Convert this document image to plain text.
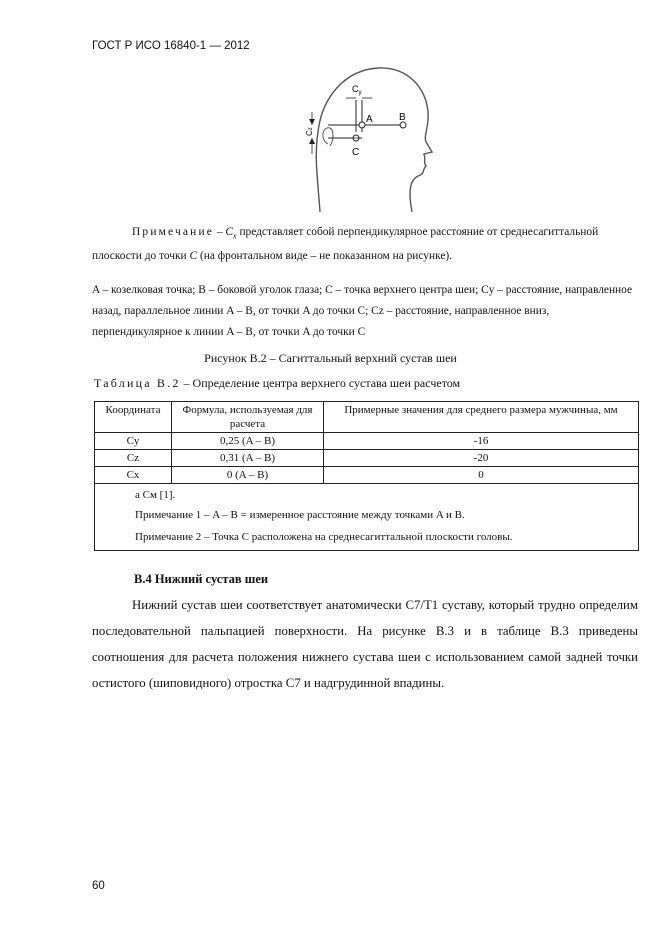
ГОСТ Р ИСО 16840-1 — 2012
$C_y$
Cz
A	B
C
Примечание – $C_x$ представляет собой перпендикулярное расстояние от среднесагиттальной плоскости до точки C (на фронтальном виде – не показанном на рисунке).
A – козелковая точка; B – боковой уголок глаза; C – точка верхнего центра шеи; Cy – расстояние, направленное назад, параллельное линии A – B, от точки A до точки C; Cz – расстояние, направленное вниз, перпендикулярное к линии A – B, от точки A до точки C
Рисунок В.2 – Сагиттальный верхний сустав шеи
Таблица В.2 – Определение центра верхнего сустава шеи расчетом
Координата	Формула, используемая для расчета	Примерные значения для среднего размера мужчиныa, мм
Cy	0,25 (A – B)	-16
Cz	0,31 (A – B)	-20
Cx	0 (A – B)	0
a См [1].		
Примечание 1 – A – B = измеренное расстояние между точками A и B.		
Примечание 2 – Точка C расположена на среднесагиттальной плоскости головы.		
В.4 Нижний сустав шеи
Нижний сустав шеи соответствует анатомически C7/T1 суставу, который трудно определим последовательной пальпацией поверхности. На рисунке В.3 и в таблице В.3 приведены соотношения для расчета положения нижнего сустава шеи с использованием самой задней точки остистого (шиповидного) отростка C7 и надгрудинной впадины.
60
